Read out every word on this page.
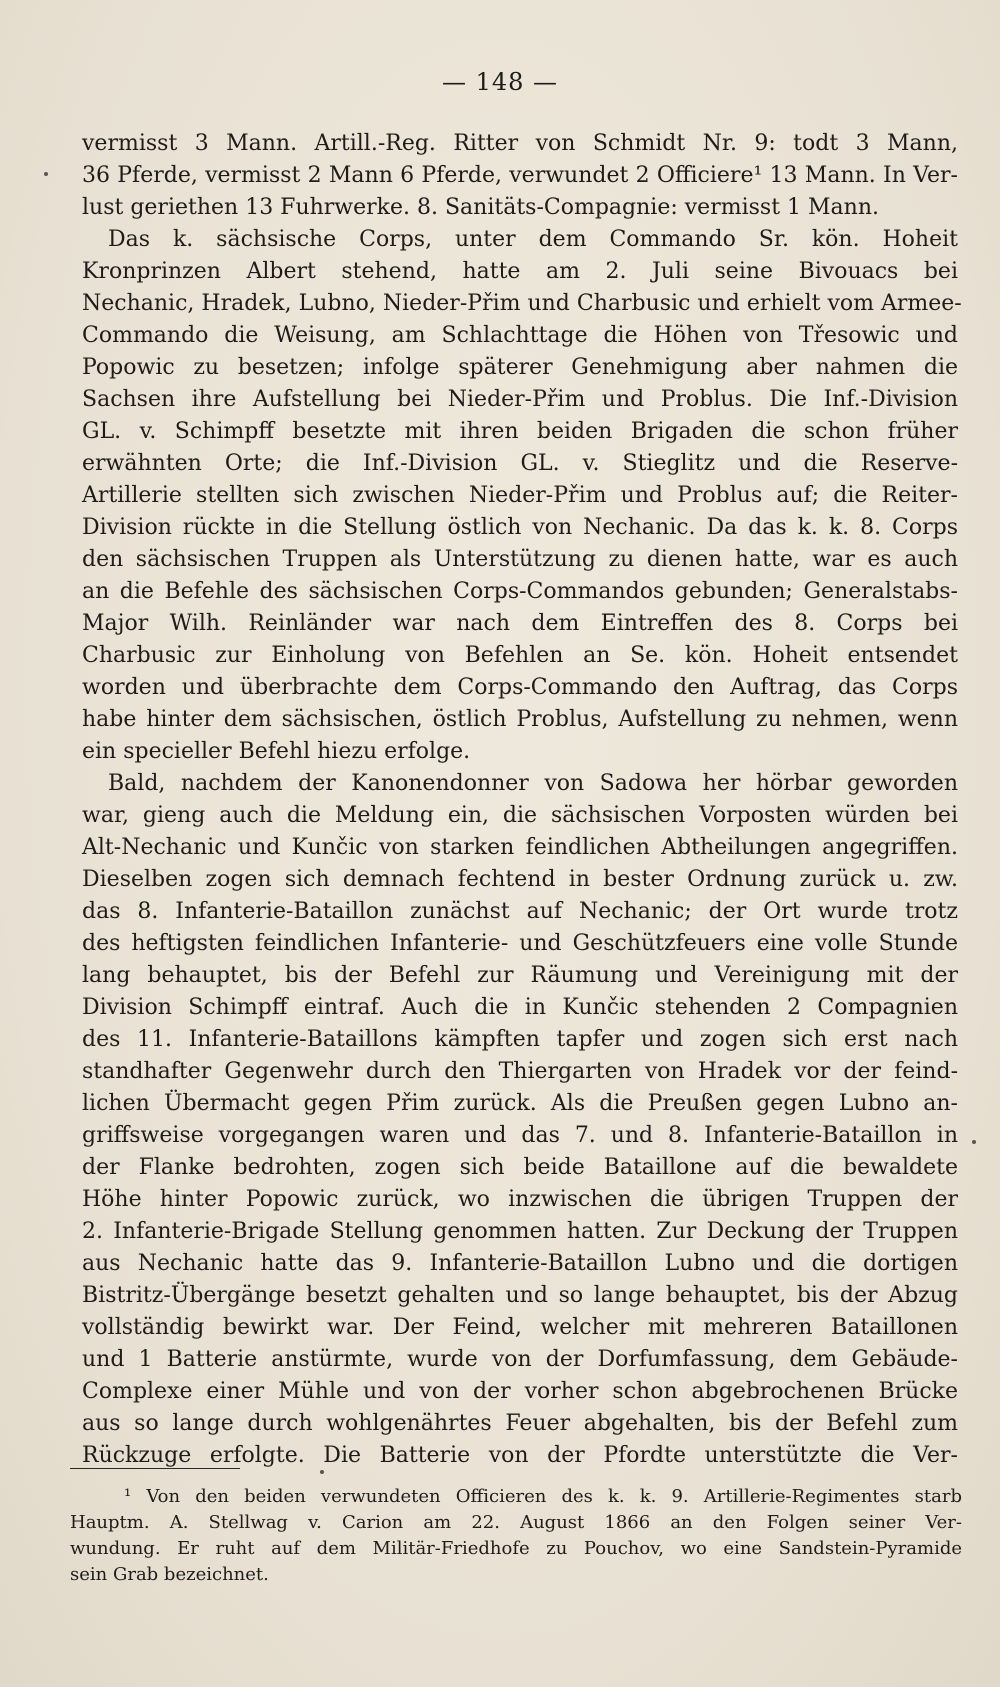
— 148 —
vermisst 3 Mann. Artill.-Reg. Ritter von Schmidt Nr. 9: todt 3 Mann,
36 Pferde, vermisst 2 Mann 6 Pferde, verwundet 2 Officiere¹ 13 Mann. In Ver-
lust geriethen 13 Fuhrwerke. 8. Sanitäts-Compagnie: vermisst 1 Mann.
Das k. sächsische Corps, unter dem Commando Sr. kön. Hoheit
Kronprinzen Albert stehend, hatte am 2. Juli seine Bivouacs bei
Nechanic, Hradek, Lubno, Nieder-Přim und Charbusic und erhielt vom Armee-
Commando die Weisung, am Schlachttage die Höhen von Třesowic und
Popowic zu besetzen; infolge späterer Genehmigung aber nahmen die
Sachsen ihre Aufstellung bei Nieder-Přim und Problus. Die Inf.-Division
GL. v. Schimpff besetzte mit ihren beiden Brigaden die schon früher
erwähnten Orte; die Inf.-Division GL. v. Stieglitz und die Reserve-
Artillerie stellten sich zwischen Nieder-Přim und Problus auf; die Reiter-
Division rückte in die Stellung östlich von Nechanic. Da das k. k. 8. Corps
den sächsischen Truppen als Unterstützung zu dienen hatte, war es auch
an die Befehle des sächsischen Corps-Commandos gebunden; Generalstabs-
Major Wilh. Reinländer war nach dem Eintreffen des 8. Corps bei
Charbusic zur Einholung von Befehlen an Se. kön. Hoheit entsendet
worden und überbrachte dem Corps-Commando den Auftrag, das Corps
habe hinter dem sächsischen, östlich Problus, Aufstellung zu nehmen, wenn
ein specieller Befehl hiezu erfolge.
Bald, nachdem der Kanonendonner von Sadowa her hörbar geworden
war, gieng auch die Meldung ein, die sächsischen Vorposten würden bei
Alt-Nechanic und Kunčic von starken feindlichen Abtheilungen angegriffen.
Dieselben zogen sich demnach fechtend in bester Ordnung zurück u. zw.
das 8. Infanterie-Bataillon zunächst auf Nechanic; der Ort wurde trotz
des heftigsten feindlichen Infanterie- und Geschützfeuers eine volle Stunde
lang behauptet, bis der Befehl zur Räumung und Vereinigung mit der
Division Schimpff eintraf. Auch die in Kunčic stehenden 2 Compagnien
des 11. Infanterie-Bataillons kämpften tapfer und zogen sich erst nach
standhafter Gegenwehr durch den Thiergarten von Hradek vor der feind-
lichen Übermacht gegen Přim zurück. Als die Preußen gegen Lubno an-
griffsweise vorgegangen waren und das 7. und 8. Infanterie-Bataillon in
der Flanke bedrohten, zogen sich beide Bataillone auf die bewaldete
Höhe hinter Popowic zurück, wo inzwischen die übrigen Truppen der
2. Infanterie-Brigade Stellung genommen hatten. Zur Deckung der Truppen
aus Nechanic hatte das 9. Infanterie-Bataillon Lubno und die dortigen
Bistritz-Übergänge besetzt gehalten und so lange behauptet, bis der Abzug
vollständig bewirkt war. Der Feind, welcher mit mehreren Bataillonen
und 1 Batterie anstürmte, wurde von der Dorfumfassung, dem Gebäude-
Complexe einer Mühle und von der vorher schon abgebrochenen Brücke
aus so lange durch wohlgenährtes Feuer abgehalten, bis der Befehl zum
Rückzuge erfolgte. Die Batterie von der Pfordte unterstützte die Ver-
¹ Von den beiden verwundeten Officieren des k. k. 9. Artillerie-Regimentes starb
Hauptm. A. Stellwag v. Carion am 22. August 1866 an den Folgen seiner Ver-
wundung. Er ruht auf dem Militär-Friedhofe zu Pouchov, wo eine Sandstein-Pyramide
sein Grab bezeichnet.
